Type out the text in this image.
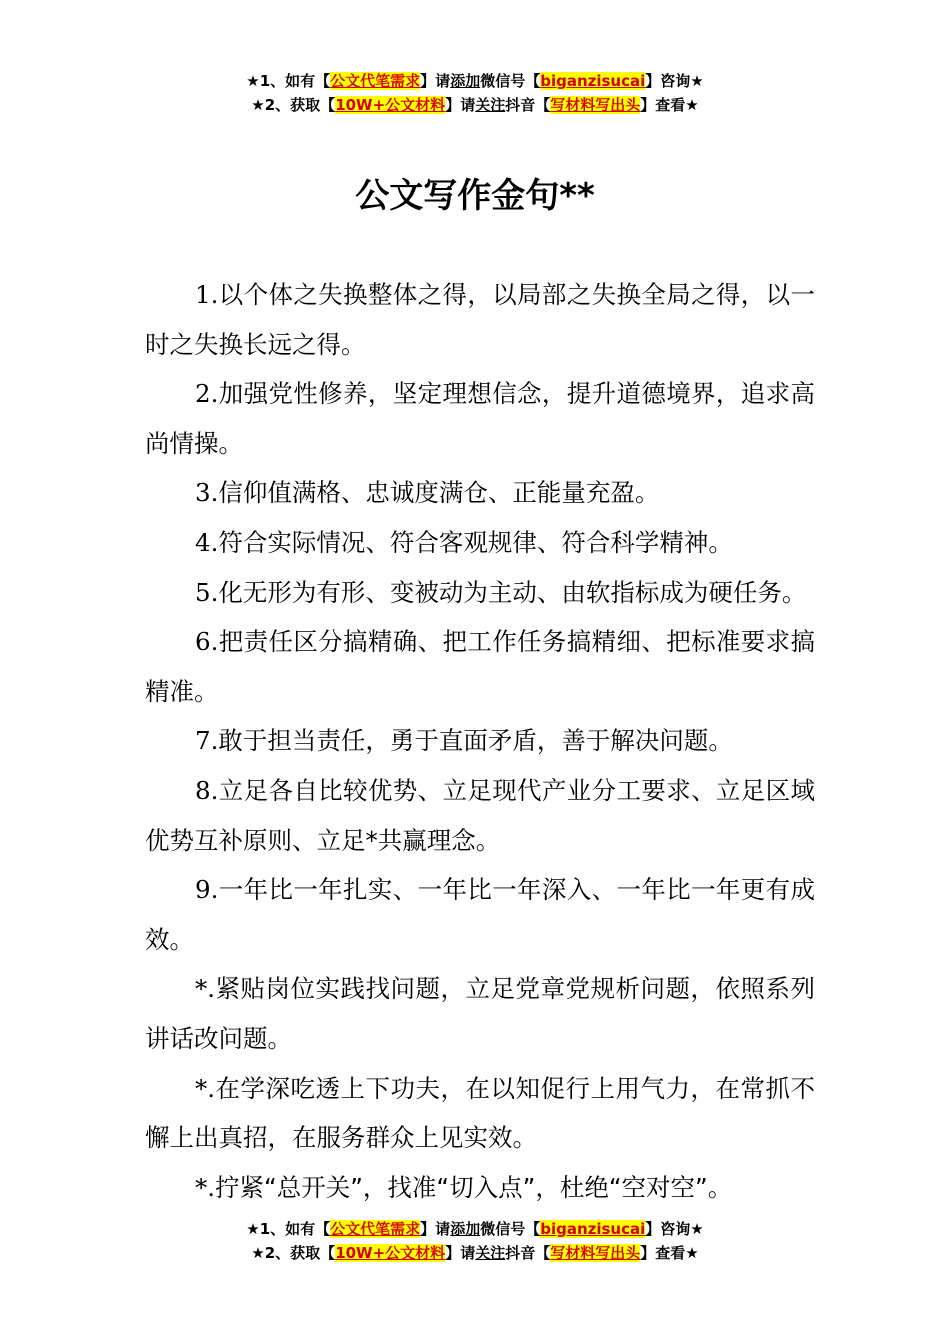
★1、如有【公文代笔需求】请添加微信号【biganzisucai】咨询★
★2、获取【10W+公文材料】请关注抖音【写材料写出头】查看★
公文写作金句**

1.以个体之失换整体之得，以局部之失换全局之得，以一时之失换长远之得。

2.加强党性修养，坚定理想信念，提升道德境界，追求高尚情操。

3.信仰值满格、忠诚度满仓、正能量充盈。

4.符合实际情况、符合客观规律、符合科学精神。

5.化无形为有形、变被动为主动、由软指标成为硬任务。

6.把责任区分搞精确、把工作任务搞精细、把标准要求搞精准。

7.敢于担当责任，勇于直面矛盾，善于解决问题。

8.立足各自比较优势、立足现代产业分工要求、立足区域优势互补原则、立足*共赢理念。

9.一年比一年扎实、一年比一年深入、一年比一年更有成效。

*.紧贴岗位实践找问题，立足党章党规析问题，依照系列讲话改问题。

*.在学深吃透上下功夫，在以知促行上用气力，在常抓不懈上出真招，在服务群众上见实效。

*.拧紧“总开关”，找准“切入点”，杜绝“空对空”。

★1、如有【公文代笔需求】请添加微信号【biganzisucai】咨询★
★2、获取【10W+公文材料】请关注抖音【写材料写出头】查看★
